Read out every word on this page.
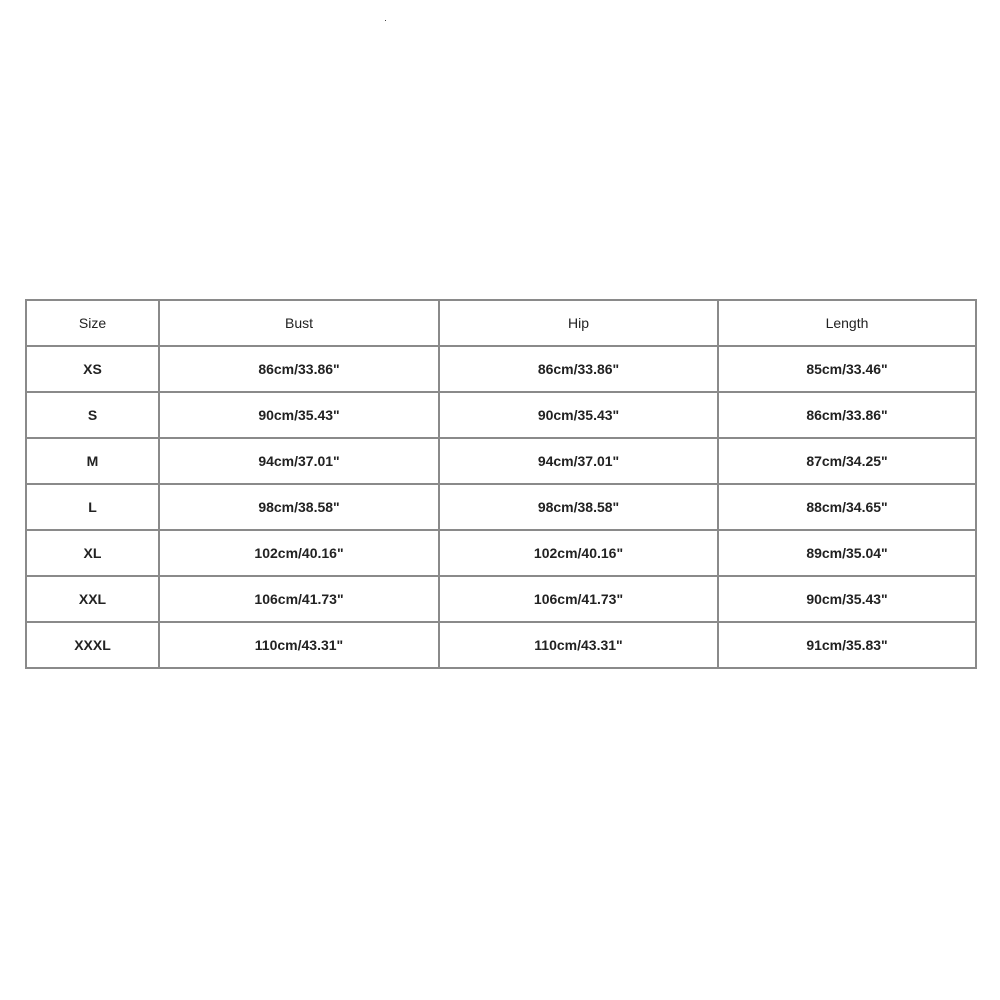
Size	Bust	Hip	Length
XS	86cm/33.86"	86cm/33.86"	85cm/33.46"
S	90cm/35.43"	90cm/35.43"	86cm/33.86"
M	94cm/37.01"	94cm/37.01"	87cm/34.25"
L	98cm/38.58"	98cm/38.58"	88cm/34.65"
XL	102cm/40.16"	102cm/40.16"	89cm/35.04"
XXL	106cm/41.73"	106cm/41.73"	90cm/35.43"
XXXL	110cm/43.31"	110cm/43.31"	91cm/35.83"
